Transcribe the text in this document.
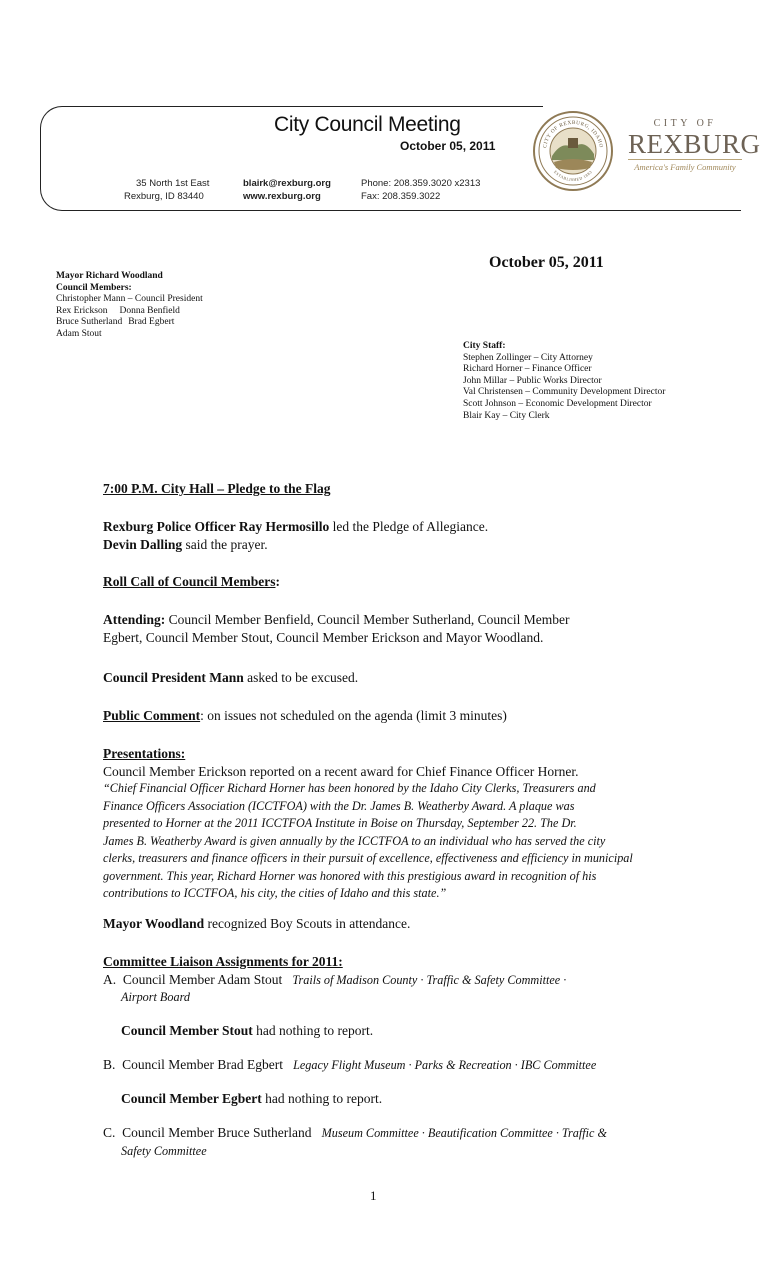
City Council Meeting
October 05, 2011
35 North 1st East
Rexburg, ID 83440
blairk@rexburg.org
www.rexburg.org
Phone: 208.359.3020 x2313
Fax: 208.359.3022
CITY OF REXBURG, IDAHO
ESTABLISHED 1883
CITY OF
REXBURG
America's Family Community
October 05, 2011
Mayor Richard Woodland
Council Members:
Christopher Mann – Council President
Rex Erickson Donna Benfield
Bruce Sutherland Brad Egbert
Adam Stout
City Staff:
Stephen Zollinger – City Attorney
Richard Horner – Finance Officer
John Millar – Public Works Director
Val Christensen – Community Development Director
Scott Johnson – Economic Development Director
Blair Kay – City Clerk
7:00 P.M. City Hall – Pledge to the Flag
Rexburg Police Officer Ray Hermosillo led the Pledge of Allegiance.
Devin Dalling said the prayer.
Roll Call of Council Members:
Attending: Council Member Benfield, Council Member Sutherland, Council Member
Egbert, Council Member Stout, Council Member Erickson and Mayor Woodland.
Council President Mann asked to be excused.
Public Comment: on issues not scheduled on the agenda (limit 3 minutes)
Presentations:
Council Member Erickson reported on a recent award for Chief Finance Officer Horner.
“Chief Financial Officer Richard Horner has been honored by the Idaho City Clerks, Treasurers and
Finance Officers Association (ICCTFOA) with the Dr. James B. Weatherby Award. A plaque was
presented to Horner at the 2011 ICCTFOA Institute in Boise on Thursday, September 22. The Dr.
James B. Weatherby Award is given annually by the ICCTFOA to an individual who has served the city
clerks, treasurers and finance officers in their pursuit of excellence, effectiveness and efficiency in municipal
government. This year, Richard Horner was honored with this prestigious award in recognition of his
contributions to ICCTFOA, his city, the cities of Idaho and this state.”
Mayor Woodland recognized Boy Scouts in attendance.
Committee Liaison Assignments for 2011:
A.  Council Member Adam Stout   Trails of Madison County · Traffic & Safety Committee ·
Airport Board
Council Member Stout had nothing to report.
B.  Council Member Brad Egbert   Legacy Flight Museum · Parks & Recreation · IBC Committee
Council Member Egbert had nothing to report.
C.  Council Member Bruce Sutherland   Museum Committee · Beautification Committee · Traffic &
Safety Committee
1
